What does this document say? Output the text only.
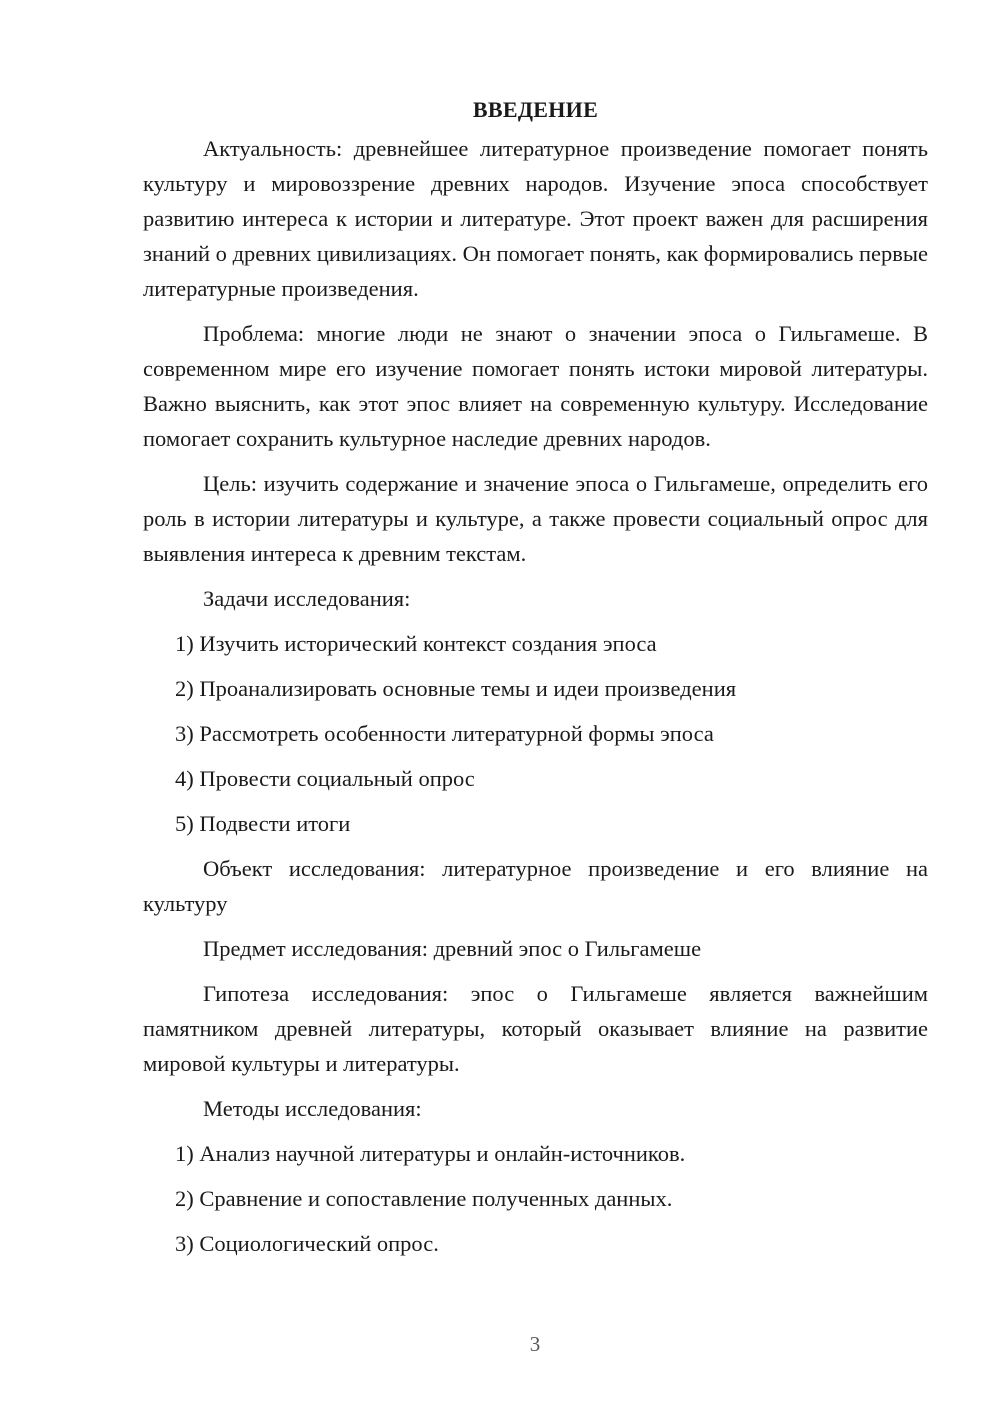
ВВЕДЕНИЕ

Актуальность: древнейшее литературное произведение помогает понять культуру и мировоззрение древних народов. Изучение эпоса способствует развитию интереса к истории и литературе. Этот проект важен для расширения знаний о древних цивилизациях. Он помогает понять, как формировались первые литературные произведения.

Проблема: многие люди не знают о значении эпоса о Гильгамеше. В современном мире его изучение помогает понять истоки мировой литературы. Важно выяснить, как этот эпос влияет на современную культуру. Исследование помогает сохранить культурное наследие древних народов.

Цель: изучить содержание и значение эпоса о Гильгамеше, определить его роль в истории литературы и культуре, а также провести социальный опрос для выявления интереса к древним текстам.

Задачи исследования:

1) Изучить исторический контекст создания эпоса
2) Проанализировать основные темы и идеи произведения
3) Рассмотреть особенности литературной формы эпоса
4) Провести социальный опрос
5) Подвести итоги

Объект исследования: литературное произведение и его влияние на культуру

Предмет исследования: древний эпос о Гильгамеше

Гипотеза исследования: эпос о Гильгамеше является важнейшим памятником древней литературы, который оказывает влияние на развитие мировой культуры и литературы.

Методы исследования:

1) Анализ научной литературы и онлайн-источников.
2) Сравнение и сопоставление полученных данных.
3) Социологический опрос.
3
